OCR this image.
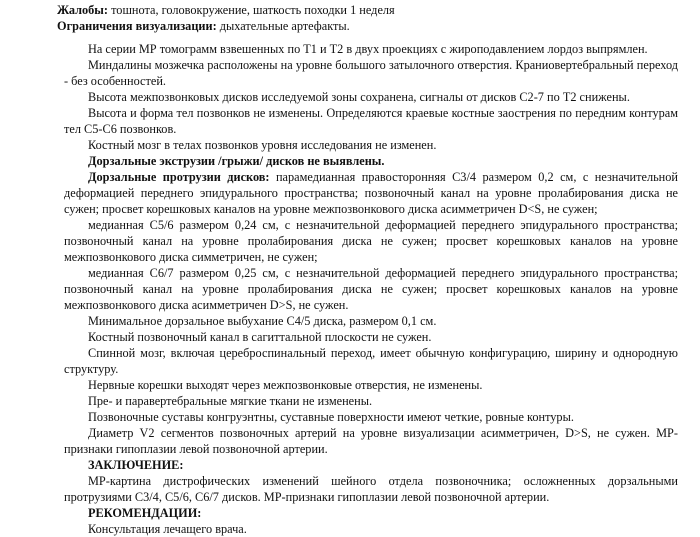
Жалобы: тошнота, головокружение, шаткость походки 1 неделя

Ограничения визуализации: дыхательные артефакты.

На серии МР томограмм взвешенных по Т1 и Т2 в двух проекциях с жироподавлением лордоз выпрямлен.

Миндалины мозжечка расположены на уровне большого затылочного отверстия. Краниовертебральный переход - без особенностей.

Высота межпозвонковых дисков исследуемой зоны сохранена, сигналы от дисков С2-7 по Т2 снижены.

Высота и форма тел позвонков не изменены. Определяются краевые костные заострения по передним контурам тел С5-С6 позвонков.

Костный мозг в телах позвонков уровня исследования не изменен.

Дорзальные экструзии /грыжи/ дисков не выявлены.

Дорзальные протрузии дисков: парамедианная правосторонняя С3/4 размером 0,2 см, с незначительной деформацией переднего эпидурального пространства; позвоночный канал на уровне пролабирования диска не сужен; просвет корешковых каналов на уровне межпозвонкового диска асимметричен D<S, не сужен;

медианная С5/6 размером 0,24 см, с незначительной деформацией переднего эпидурального пространства; позвоночный канал на уровне пролабирования диска не сужен; просвет корешковых каналов на уровне межпозвонкового диска симметричен, не сужен;

медианная С6/7 размером 0,25 см, с незначительной деформацией переднего эпидурального пространства; позвоночный канал на уровне пролабирования диска не сужен; просвет корешковых каналов на уровне межпозвонкового диска асимметричен D>S, не сужен.

Минимальное дорзальное выбухание С4/5 диска, размером 0,1 см.

Костный позвоночный канал в сагиттальной плоскости не сужен.

Спинной мозг, включая цереброспинальный переход, имеет обычную конфигурацию, ширину и однородную структуру.

Нервные корешки выходят через межпозвонковые отверстия, не изменены.

Пре- и паравертебральные мягкие ткани не изменены.

Позвоночные суставы конгруэнтны, суставные поверхности имеют четкие, ровные контуры.

Диаметр V2 сегментов позвоночных артерий на уровне визуализации асимметричен, D>S, не сужен. МР-признаки гипоплазии левой позвоночной артерии.

ЗАКЛЮЧЕНИЕ:

МР-картина дистрофических изменений шейного отдела позвоночника; осложненных дорзальными протрузиями С3/4, С5/6, С6/7 дисков. МР-признаки гипоплазии левой позвоночной артерии.

РЕКОМЕНДАЦИИ:

Консультация лечащего врача.
